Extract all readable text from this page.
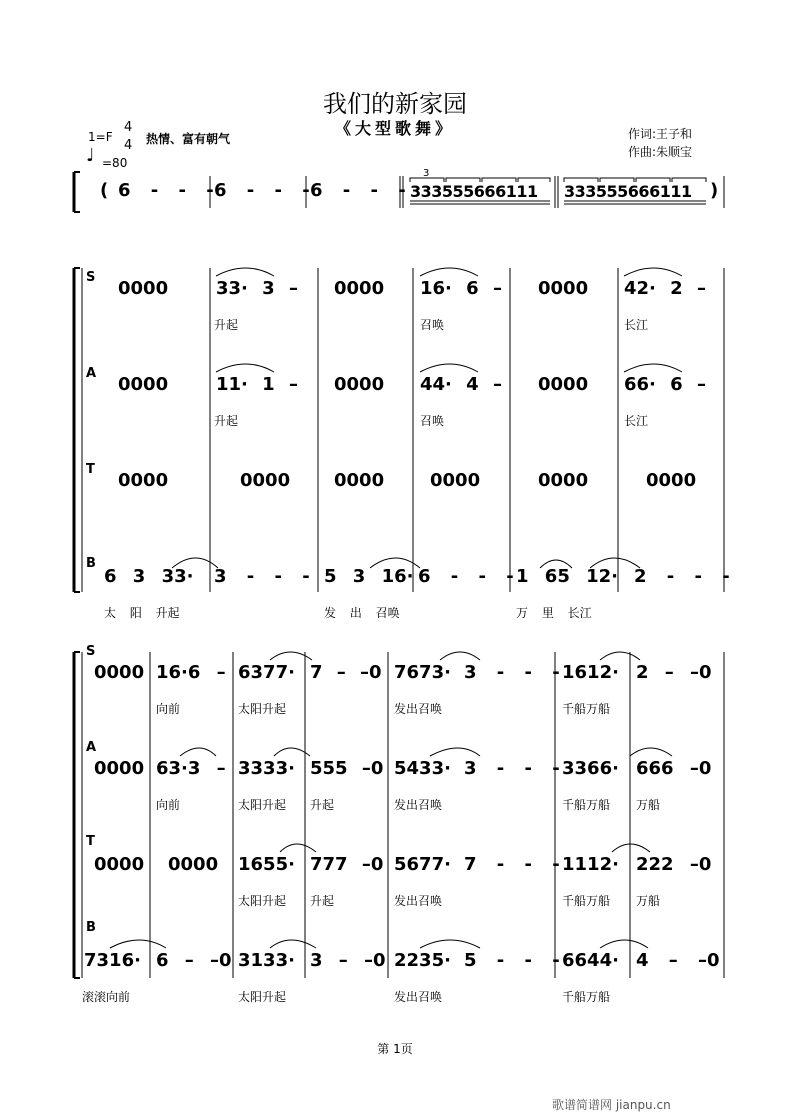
我们的新家园
《大型歌舞》
1=F
4
4 热情、富有朝气
♩ =80
作词:王子和
作曲:朱顺宝
( 6 - - - 6 - - - 6 - - - 333555666111 333555666111 )
3
S
A
T
B
0000	33· 3 – 0000 16· 6 – 0000 42· 2 –
升起	召唤	长江
0000	11· 1 – 0000 44· 4 – 0000 66· 6 –
升起	召唤	长江
0000	0000 0000	0000	0000	0000
6 3 33· 3 - - - 5 3 16· 6 - - - 1 65 12· 2 - - -
太 阳 升起	发 出 召唤	万 里 长江
S
A
T
B
0000 16·6 – 6377· 7 – –0 7673· 3 - - - 1612· 2 – –0
向前	太阳升起	发出召唤	千船万船
0000 63·3 – 3333· 555 –0 5433· 3 - - - 3366· 666 –0
向前	太阳升起 升起	发出召唤	千船万船 万船
0000 0000 1655· 777 –0 5677· 7 - - - 1112· 222 –0
太阳升起 升起	发出召唤	千船万船 万船
7316· 6 – –0 3133· 3 – –0 2235· 5 - - - 6644· 4 – –0
滚滚向前	太阳升起	发出召唤	千船万船
第 1页
歌谱简谱网 jianpu.cn
